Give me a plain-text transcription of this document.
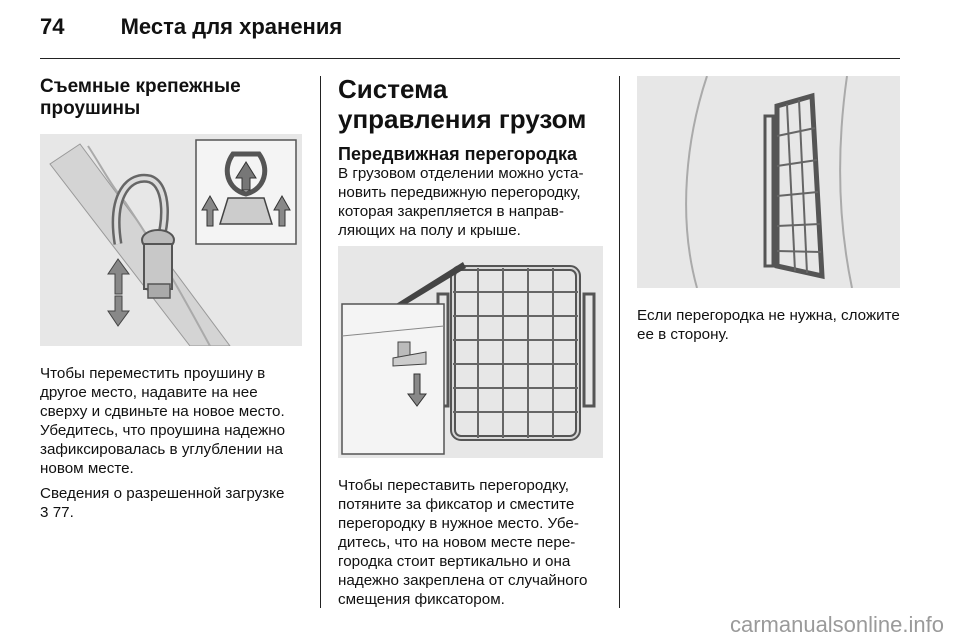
74	Места для хранения
Съемные крепежные проушины

Чтобы переместить проушину в другое место, надавите на нее сверху и сдвиньте на новое место. Убедитесь, что проушина надежно зафиксировалась в углублении на новом месте.

Сведения о разрешенной загрузке
3 77.

Система управления грузом
Передвижная перегородка

В грузовом отделении можно установить передвижную перегородку, которая закрепляется в направляющих на полу и крыше.

Чтобы переставить перегородку, потяните за фиксатор и сместите перегородку в нужное место. Убедитесь, что на новом месте перегородка стоит вертикально и она надежно закреплена от случайного смещения фиксатором.

Если перегородка не нужна, сложите ее в сторону.

carmanualsonline.info
